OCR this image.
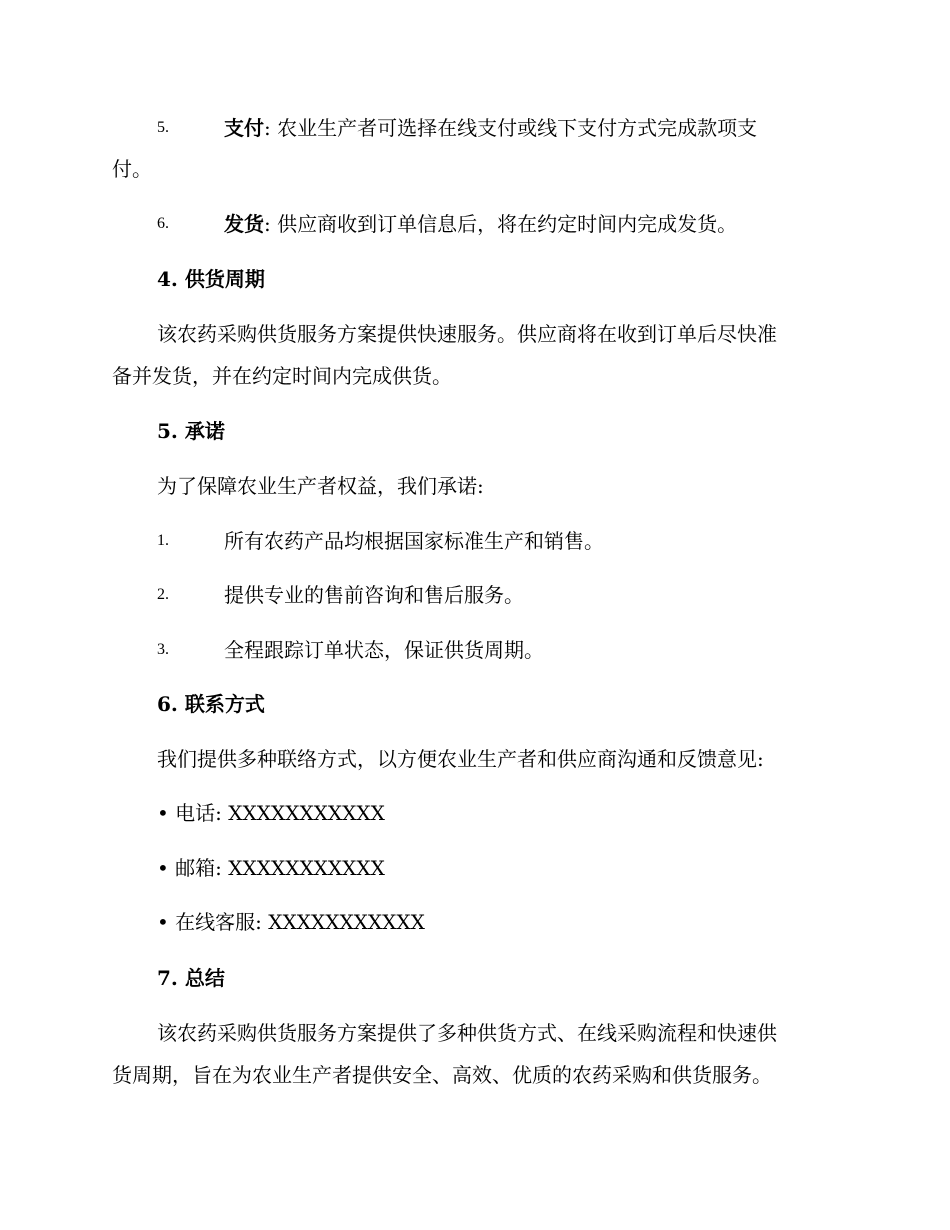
5.	支付: 农业生产者可选择在线支付或线下支付方式完成款项支
付。
6.	发货: 供应商收到订单信息后，将在约定时间内完成发货。
4. 供货周期
该农药采购供货服务方案提供快速服务。供应商将在收到订单后尽快准
备并发货，并在约定时间内完成供货。
5. 承诺
为了保障农业生产者权益，我们承诺:
1.	所有农药产品均根据国家标准生产和销售。
2.	提供专业的售前咨询和售后服务。
3.	全程跟踪订单状态，保证供货周期。
6. 联系方式
我们提供多种联络方式，以方便农业生产者和供应商沟通和反馈意见:
• 电话: XXXXXXXXXXX
• 邮箱: XXXXXXXXXXX
• 在线客服: XXXXXXXXXXX
7. 总结
该农药采购供货服务方案提供了多种供货方式、在线采购流程和快速供
货周期，旨在为农业生产者提供安全、高效、优质的农药采购和供货服务。
